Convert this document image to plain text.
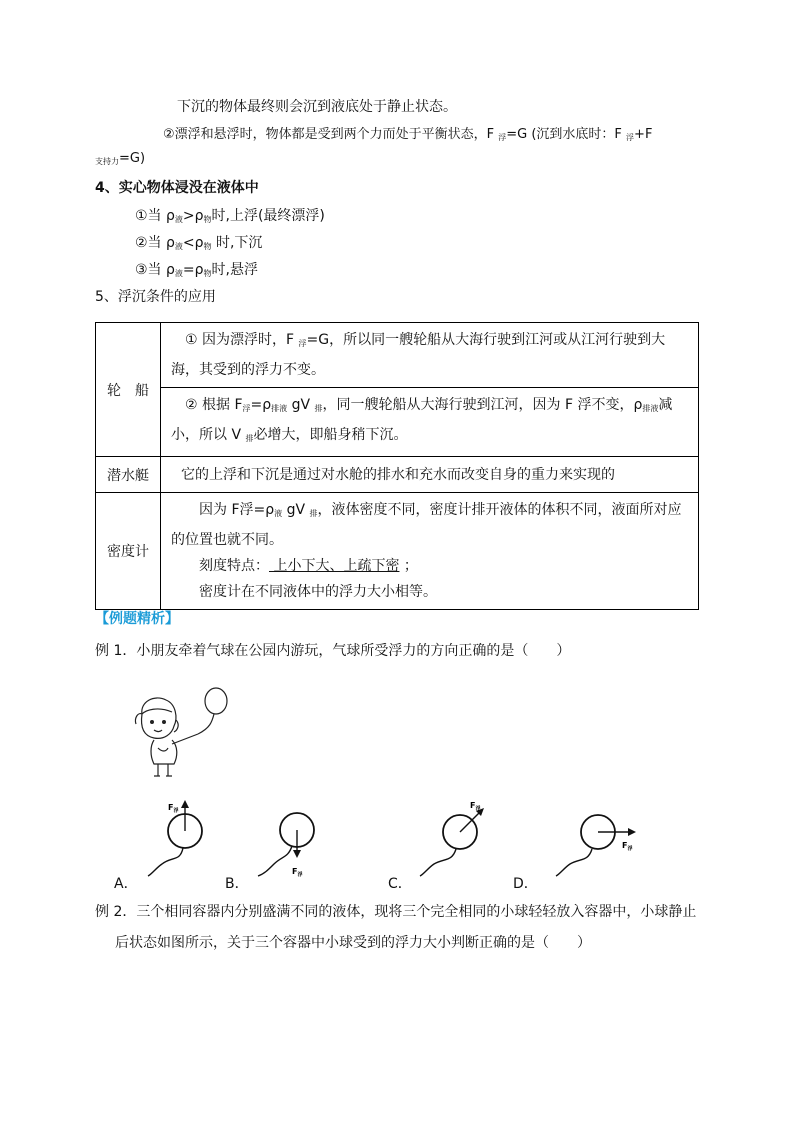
下沉的物体最终则会沉到液底处于静止状态。
②漂浮和悬浮时，物体都是受到两个力而处于平衡状态，F $_浮$=G (沉到水底时：F $_浮$+F
$_{支持力}$=G)
4、实心物体浸没在液体中
①当 $\rho_液>\rho_物$时,上浮(最终漂浮)
②当 $\rho_液<\rho_物$ 时,下沉
③当 $\rho_液=\rho_物$时,悬浮
5、浮沉条件的应用
轮　船	① 因为漂浮时，F $_浮$=G，所以同一艘轮船从大海行驶到江河或从江河行驶到大海，其受到的浮力不变。
	② 根据 $F_浮=\rho_{排液}$ gV $_排$，同一艘轮船从大海行驶到江河，因为 F 浮不变，$\rho_{排液}$减小，所以 V $_排$必增大，即船身稍下沉。
潜水艇	它的上浮和下沉是通过对水舱的排水和充水而改变自身的重力来实现的
密度计	因为 F浮$=\rho_液$ gV $_排$，液体密度不同，密度计排开液体的体积不同，液面所对应的位置也就不同。
刻度特点： 上小下大、上疏下密 ；
密度计在不同液体中的浮力大小相等。
【例题精析】
例 1．小朋友牵着气球在公园内游玩，气球所受浮力的方向正确的是（　　）
$F_浮$
$F_浮$
$F_浮$
$F_浮$
A．	B．	C．	D．
例 2．三个相同容器内分别盛满不同的液体，现将三个完全相同的小球轻轻放入容器中，小球静止
后状态如图所示，关于三个容器中小球受到的浮力大小判断正确的是（　　）
